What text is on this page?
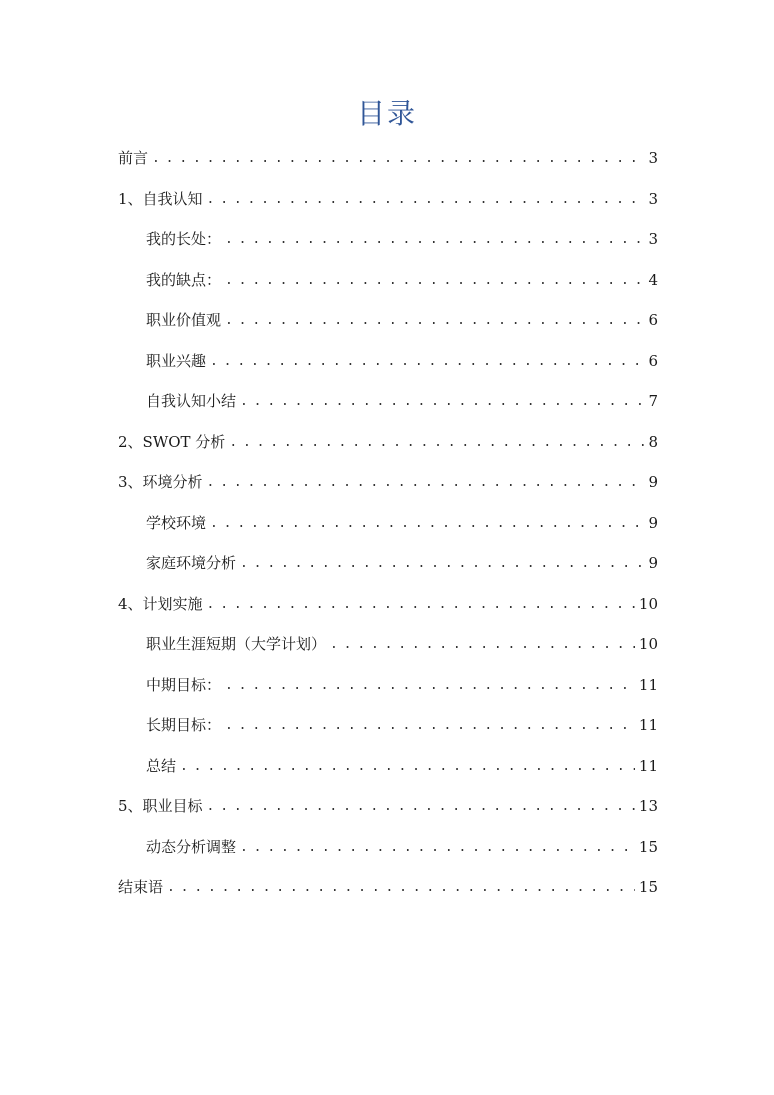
目录
前言 . . .	3
1、自我认知 . . .	3
我的长处： . . .	3
我的缺点： . . .	4
职业价值观 . . .	6
职业兴趣 . . .	6
自我认知小结 . . .	7
2、SWOT 分析 . . .	8
3、环境分析 . . .	9
学校环境 . . .	9
家庭环境分析 . . .	9
4、计划实施 . . .	10
职业生涯短期（大学计划） . . .	10
中期目标： . . .	11
长期目标： . . .	11
总结 . . .	11
5、职业目标 . . .	13
动态分析调整 . . .	15
结束语 . . .	15
